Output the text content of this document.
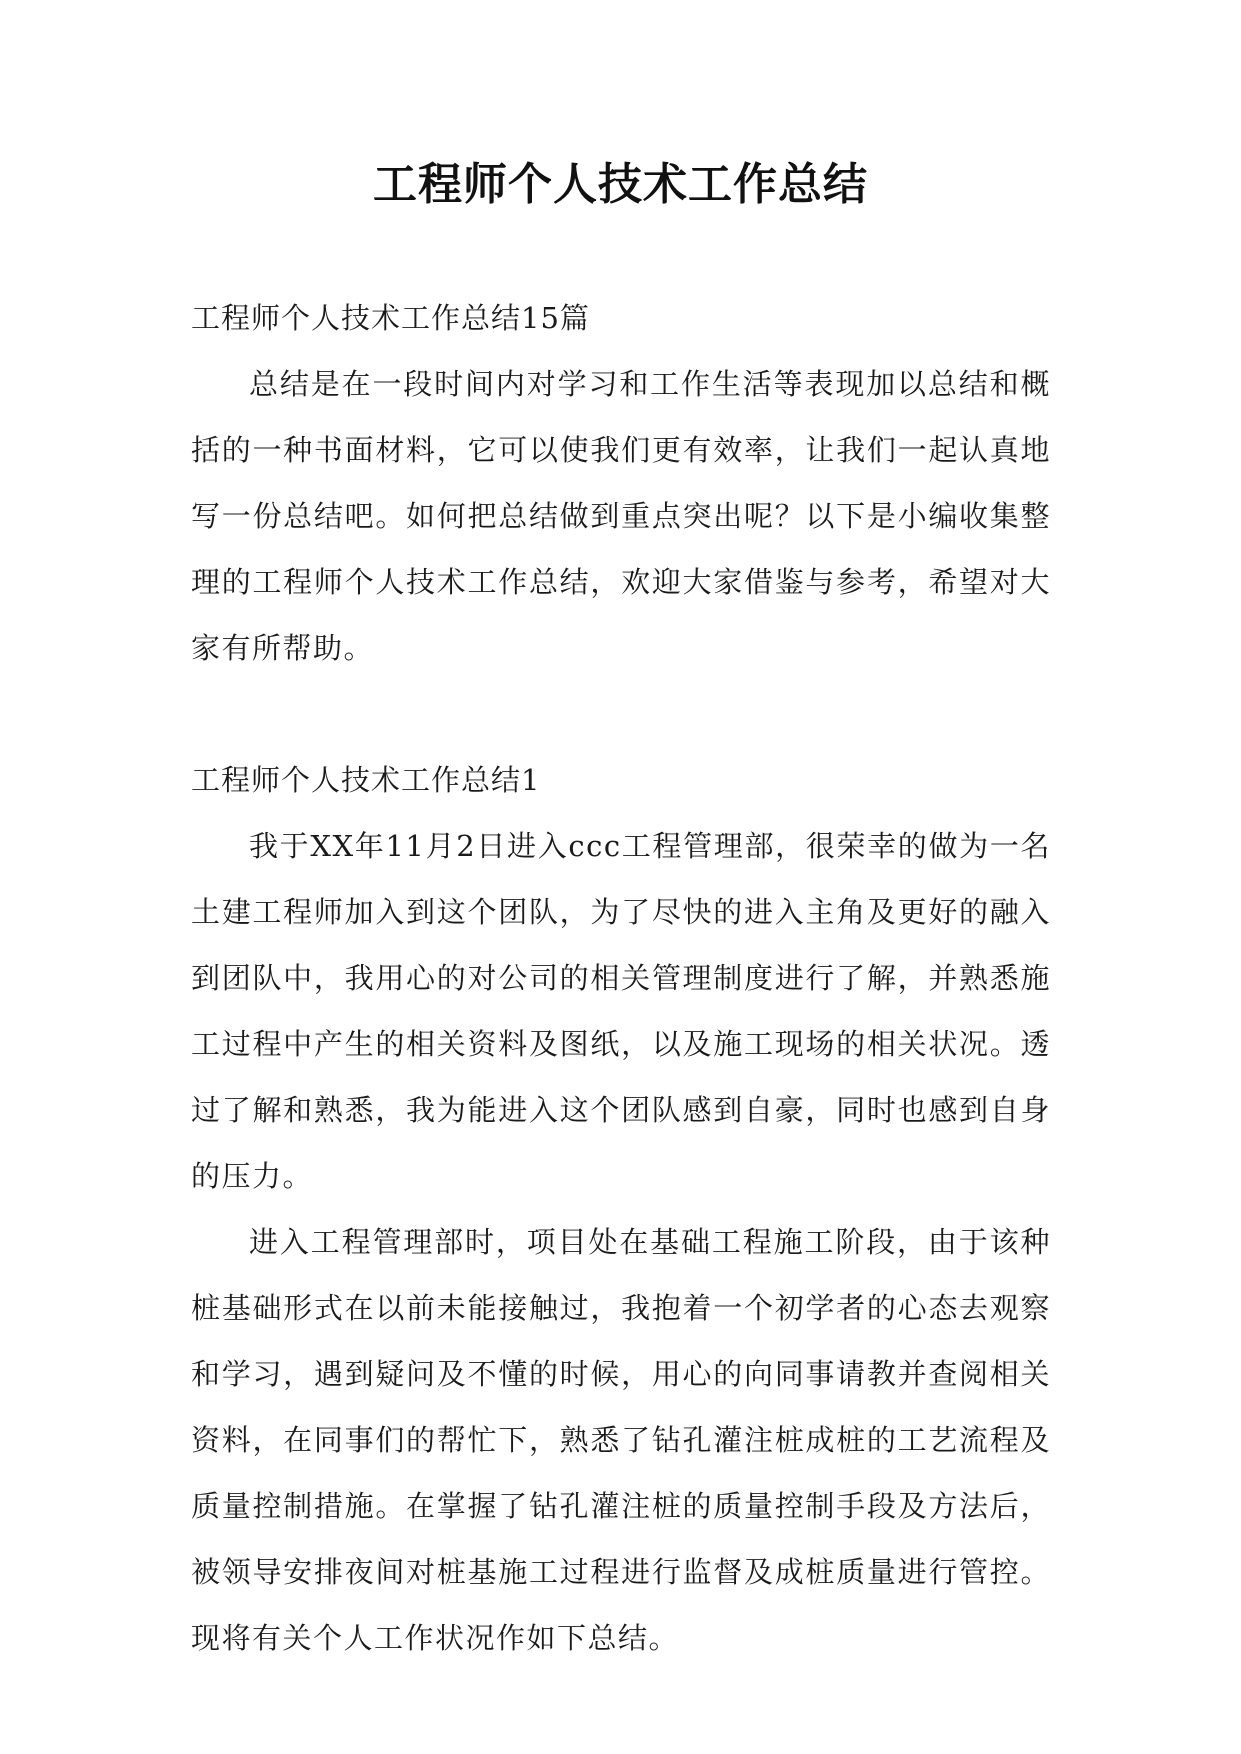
工程师个人技术工作总结

工程师个人技术工作总结15篇

总结是在一段时间内对学习和工作生活等表现加以总结和概括的一种书面材料，它可以使我们更有效率，让我们一起认真地写一份总结吧。如何把总结做到重点突出呢？以下是小编收集整理的工程师个人技术工作总结，欢迎大家借鉴与参考，希望对大家有所帮助。

工程师个人技术工作总结1

我于XX年11月2日进入ccc工程管理部，很荣幸的做为一名土建工程师加入到这个团队，为了尽快的进入主角及更好的融入到团队中，我用心的对公司的相关管理制度进行了解，并熟悉施工过程中产生的相关资料及图纸，以及施工现场的相关状况。透过了解和熟悉，我为能进入这个团队感到自豪，同时也感到自身的压力。

进入工程管理部时，项目处在基础工程施工阶段，由于该种桩基础形式在以前未能接触过，我抱着一个初学者的心态去观察和学习，遇到疑问及不懂的时候，用心的向同事请教并查阅相关资料，在同事们的帮忙下，熟悉了钻孔灌注桩成桩的工艺流程及质量控制措施。在掌握了钻孔灌注桩的质量控制手段及方法后，被领导安排夜间对桩基施工过程进行监督及成桩质量进行管控。现将有关个人工作状况作如下总结。
